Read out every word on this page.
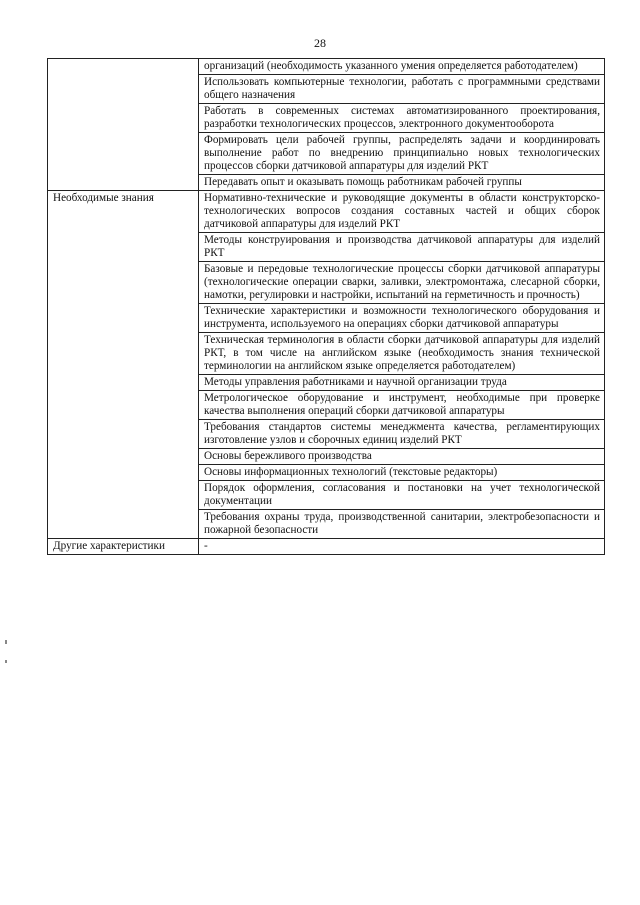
28
	организаций (необходимость указанного умения определяется работодателем)
	Использовать компьютерные технологии, работать с программными средствами общего назначения
	Работать в современных системах автоматизированного проектирования, разработки технологических процессов, электронного документооборота
	Формировать цели рабочей группы, распределять задачи и координировать выполнение работ по внедрению принципиально новых технологических процессов сборки датчиковой аппаратуры для изделий РКТ
	Передавать опыт и оказывать помощь работникам рабочей группы

Необходимые знания	Нормативно-технические и руководящие документы в области конструкторско-технологических вопросов создания составных частей и общих сборок датчиковой аппаратуры для изделий РКТ
	Методы конструирования и производства датчиковой аппаратуры для изделий РКТ
	Базовые и передовые технологические процессы сборки датчиковой аппаратуры (технологические операции сварки, заливки, электромонтажа, слесарной сборки, намотки, регулировки и настройки, испытаний на герметичность и прочность)
	Технические характеристики и возможности технологического оборудования и инструмента, используемого на операциях сборки датчиковой аппаратуры
	Техническая терминология в области сборки датчиковой аппаратуры для изделий РКТ, в том числе на английском языке (необходимость знания технической терминологии на английском языке определяется работодателем)
	Методы управления работниками и научной организации труда
	Метрологическое оборудование и инструмент, необходимые при проверке качества выполнения операций сборки датчиковой аппаратуры
	Требования стандартов системы менеджмента качества, регламентирующих изготовление узлов и сборочных единиц изделий РКТ
	Основы бережливого производства
	Основы информационных технологий (текстовые редакторы)
	Порядок оформления, согласования и постановки на учет технологической документации
	Требования охраны труда, производственной санитарии, электробезопасности и пожарной безопасности

Другие характеристики	-
